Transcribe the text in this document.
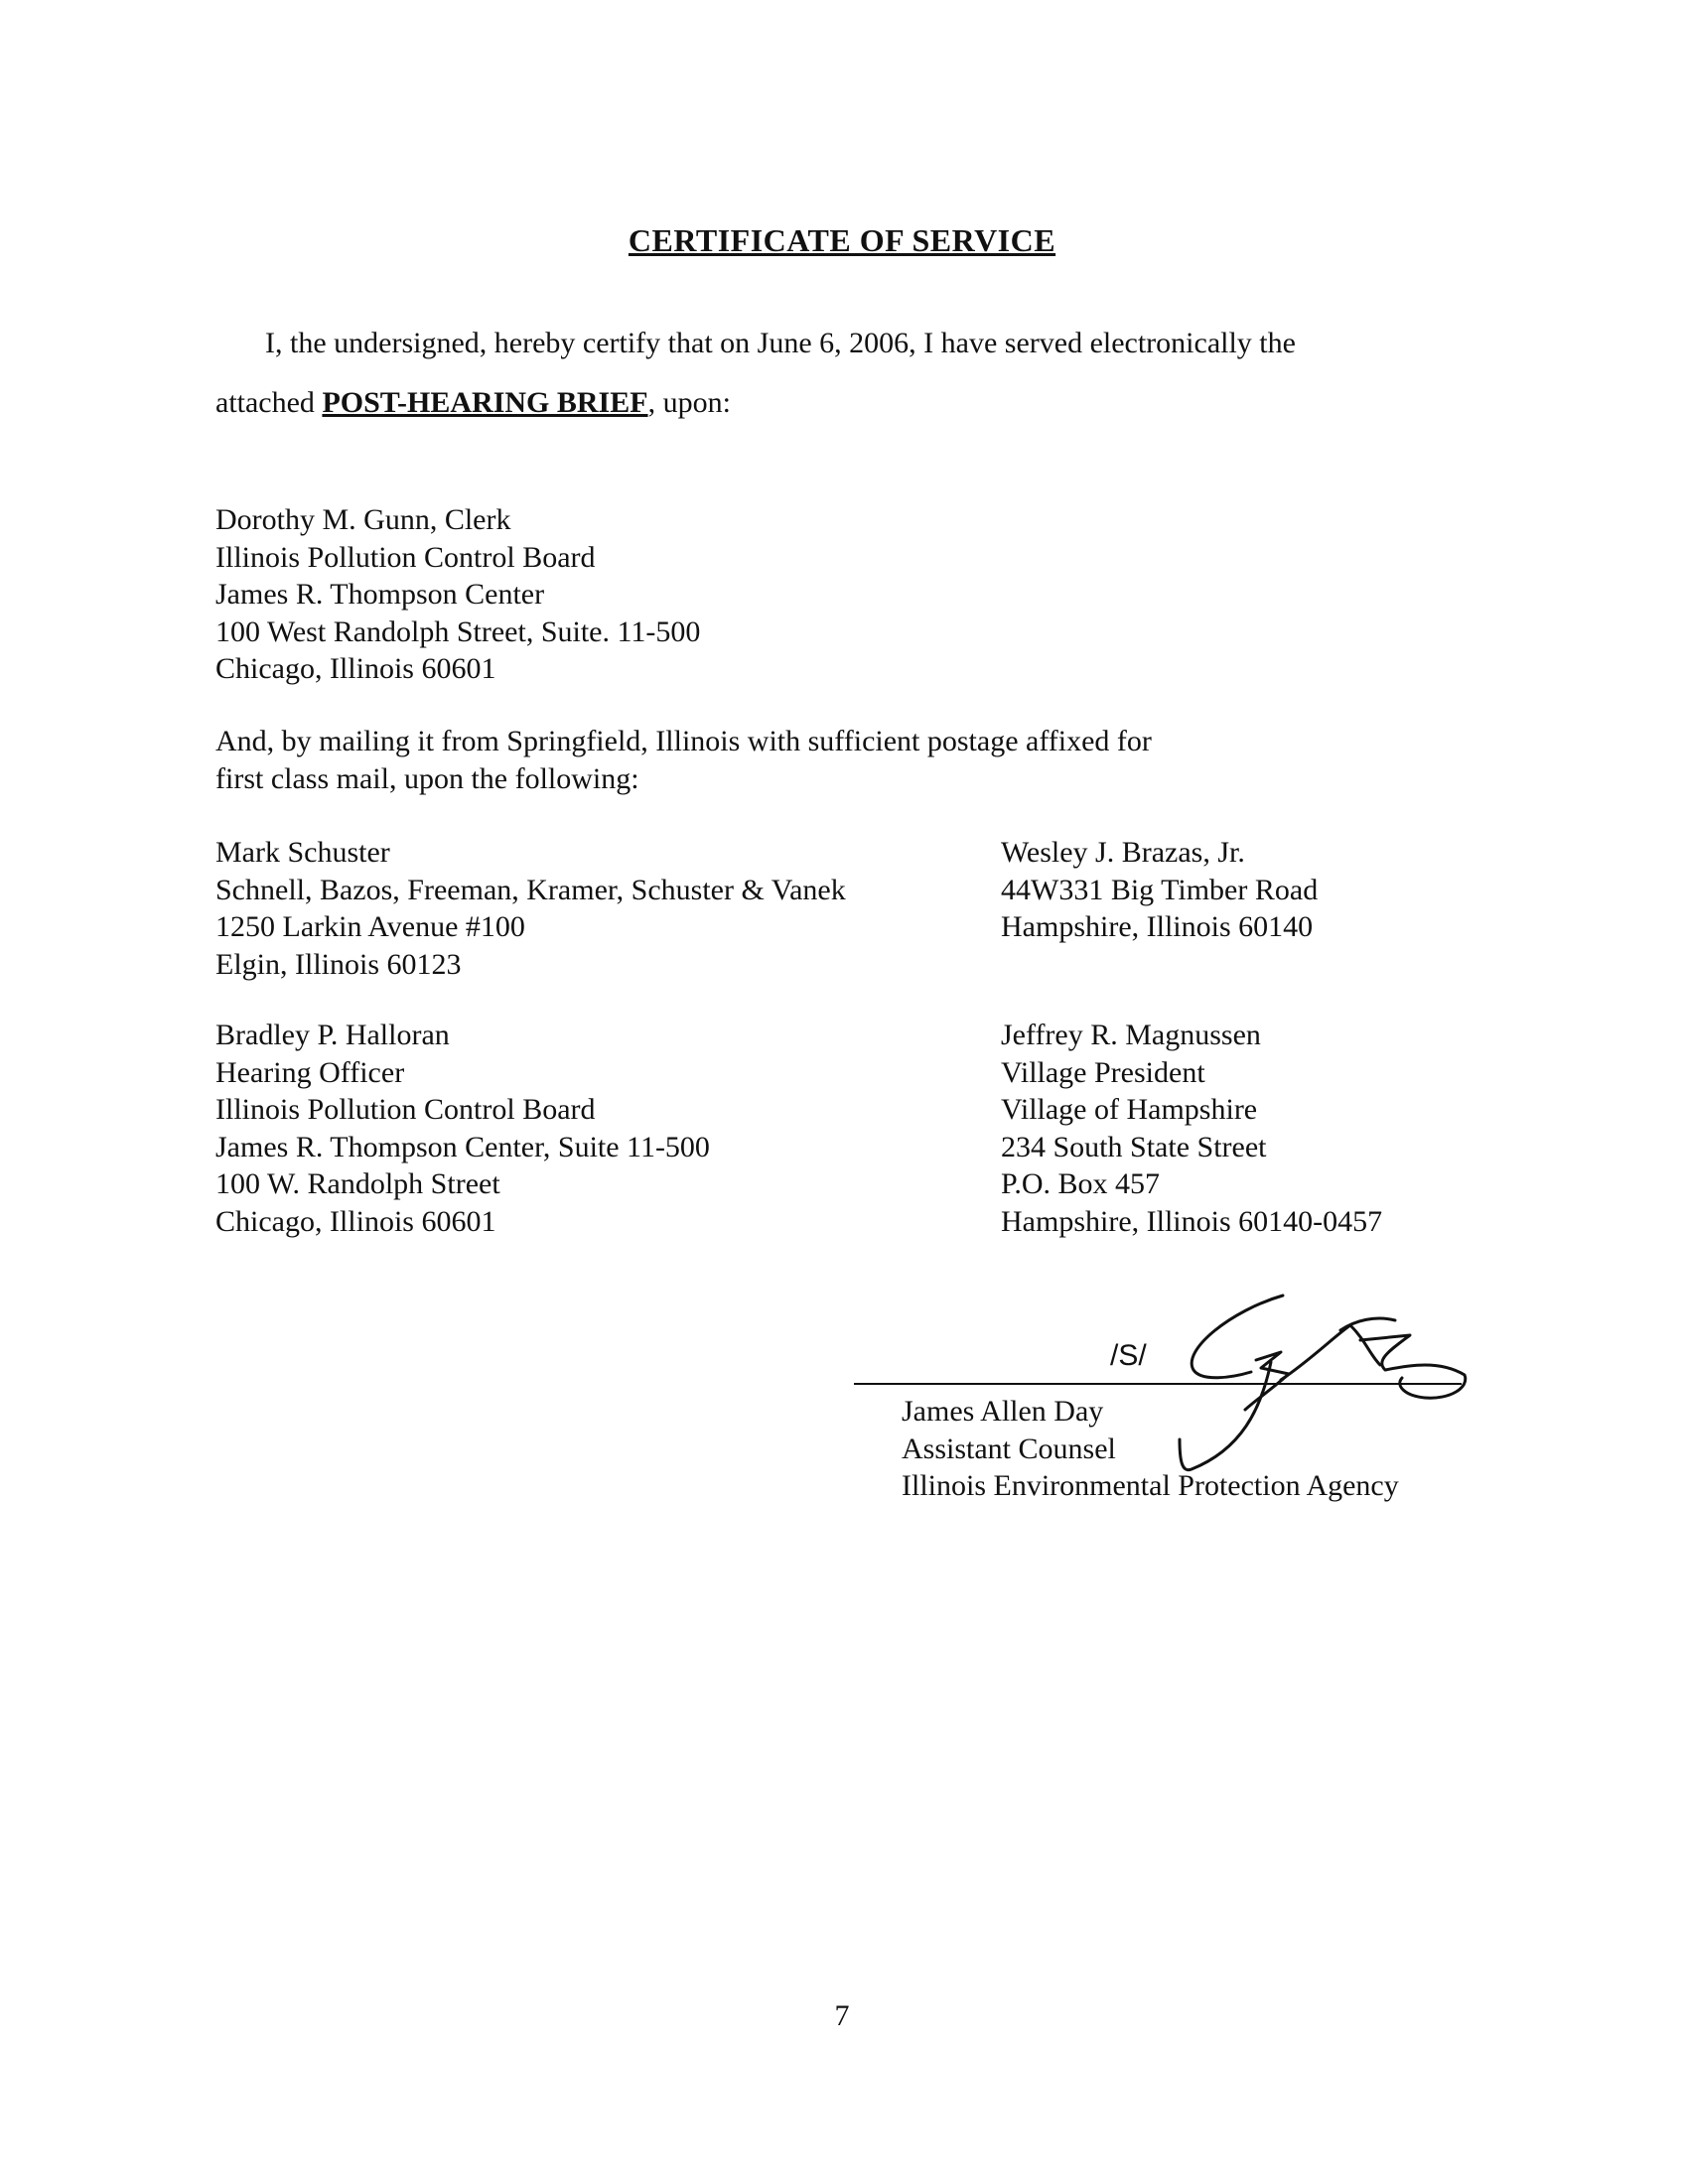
CERTIFICATE OF SERVICE
I, the undersigned, hereby certify that on June 6, 2006, I have served electronically the
attached POST-HEARING BRIEF, upon:
Dorothy M. Gunn, Clerk
Illinois Pollution Control Board
James R. Thompson Center
100 West Randolph Street, Suite. 11-500
Chicago, Illinois 60601
And, by mailing it from Springfield, Illinois with sufficient postage affixed for
first class mail, upon the following:
Mark Schuster
Schnell, Bazos, Freeman, Kramer, Schuster & Vanek
1250 Larkin Avenue #100
Elgin, Illinois 60123
Wesley J. Brazas, Jr.
44W331 Big Timber Road
Hampshire, Illinois 60140
Bradley P. Halloran
Hearing Officer
Illinois Pollution Control Board
James R. Thompson Center, Suite 11-500
100 W. Randolph Street
Chicago, Illinois 60601
Jeffrey R. Magnussen
Village President
Village of Hampshire
234 South State Street
P.O. Box 457
Hampshire, Illinois 60140-0457
/S/
James Allen Day
Assistant Counsel
Illinois Environmental Protection Agency
7
